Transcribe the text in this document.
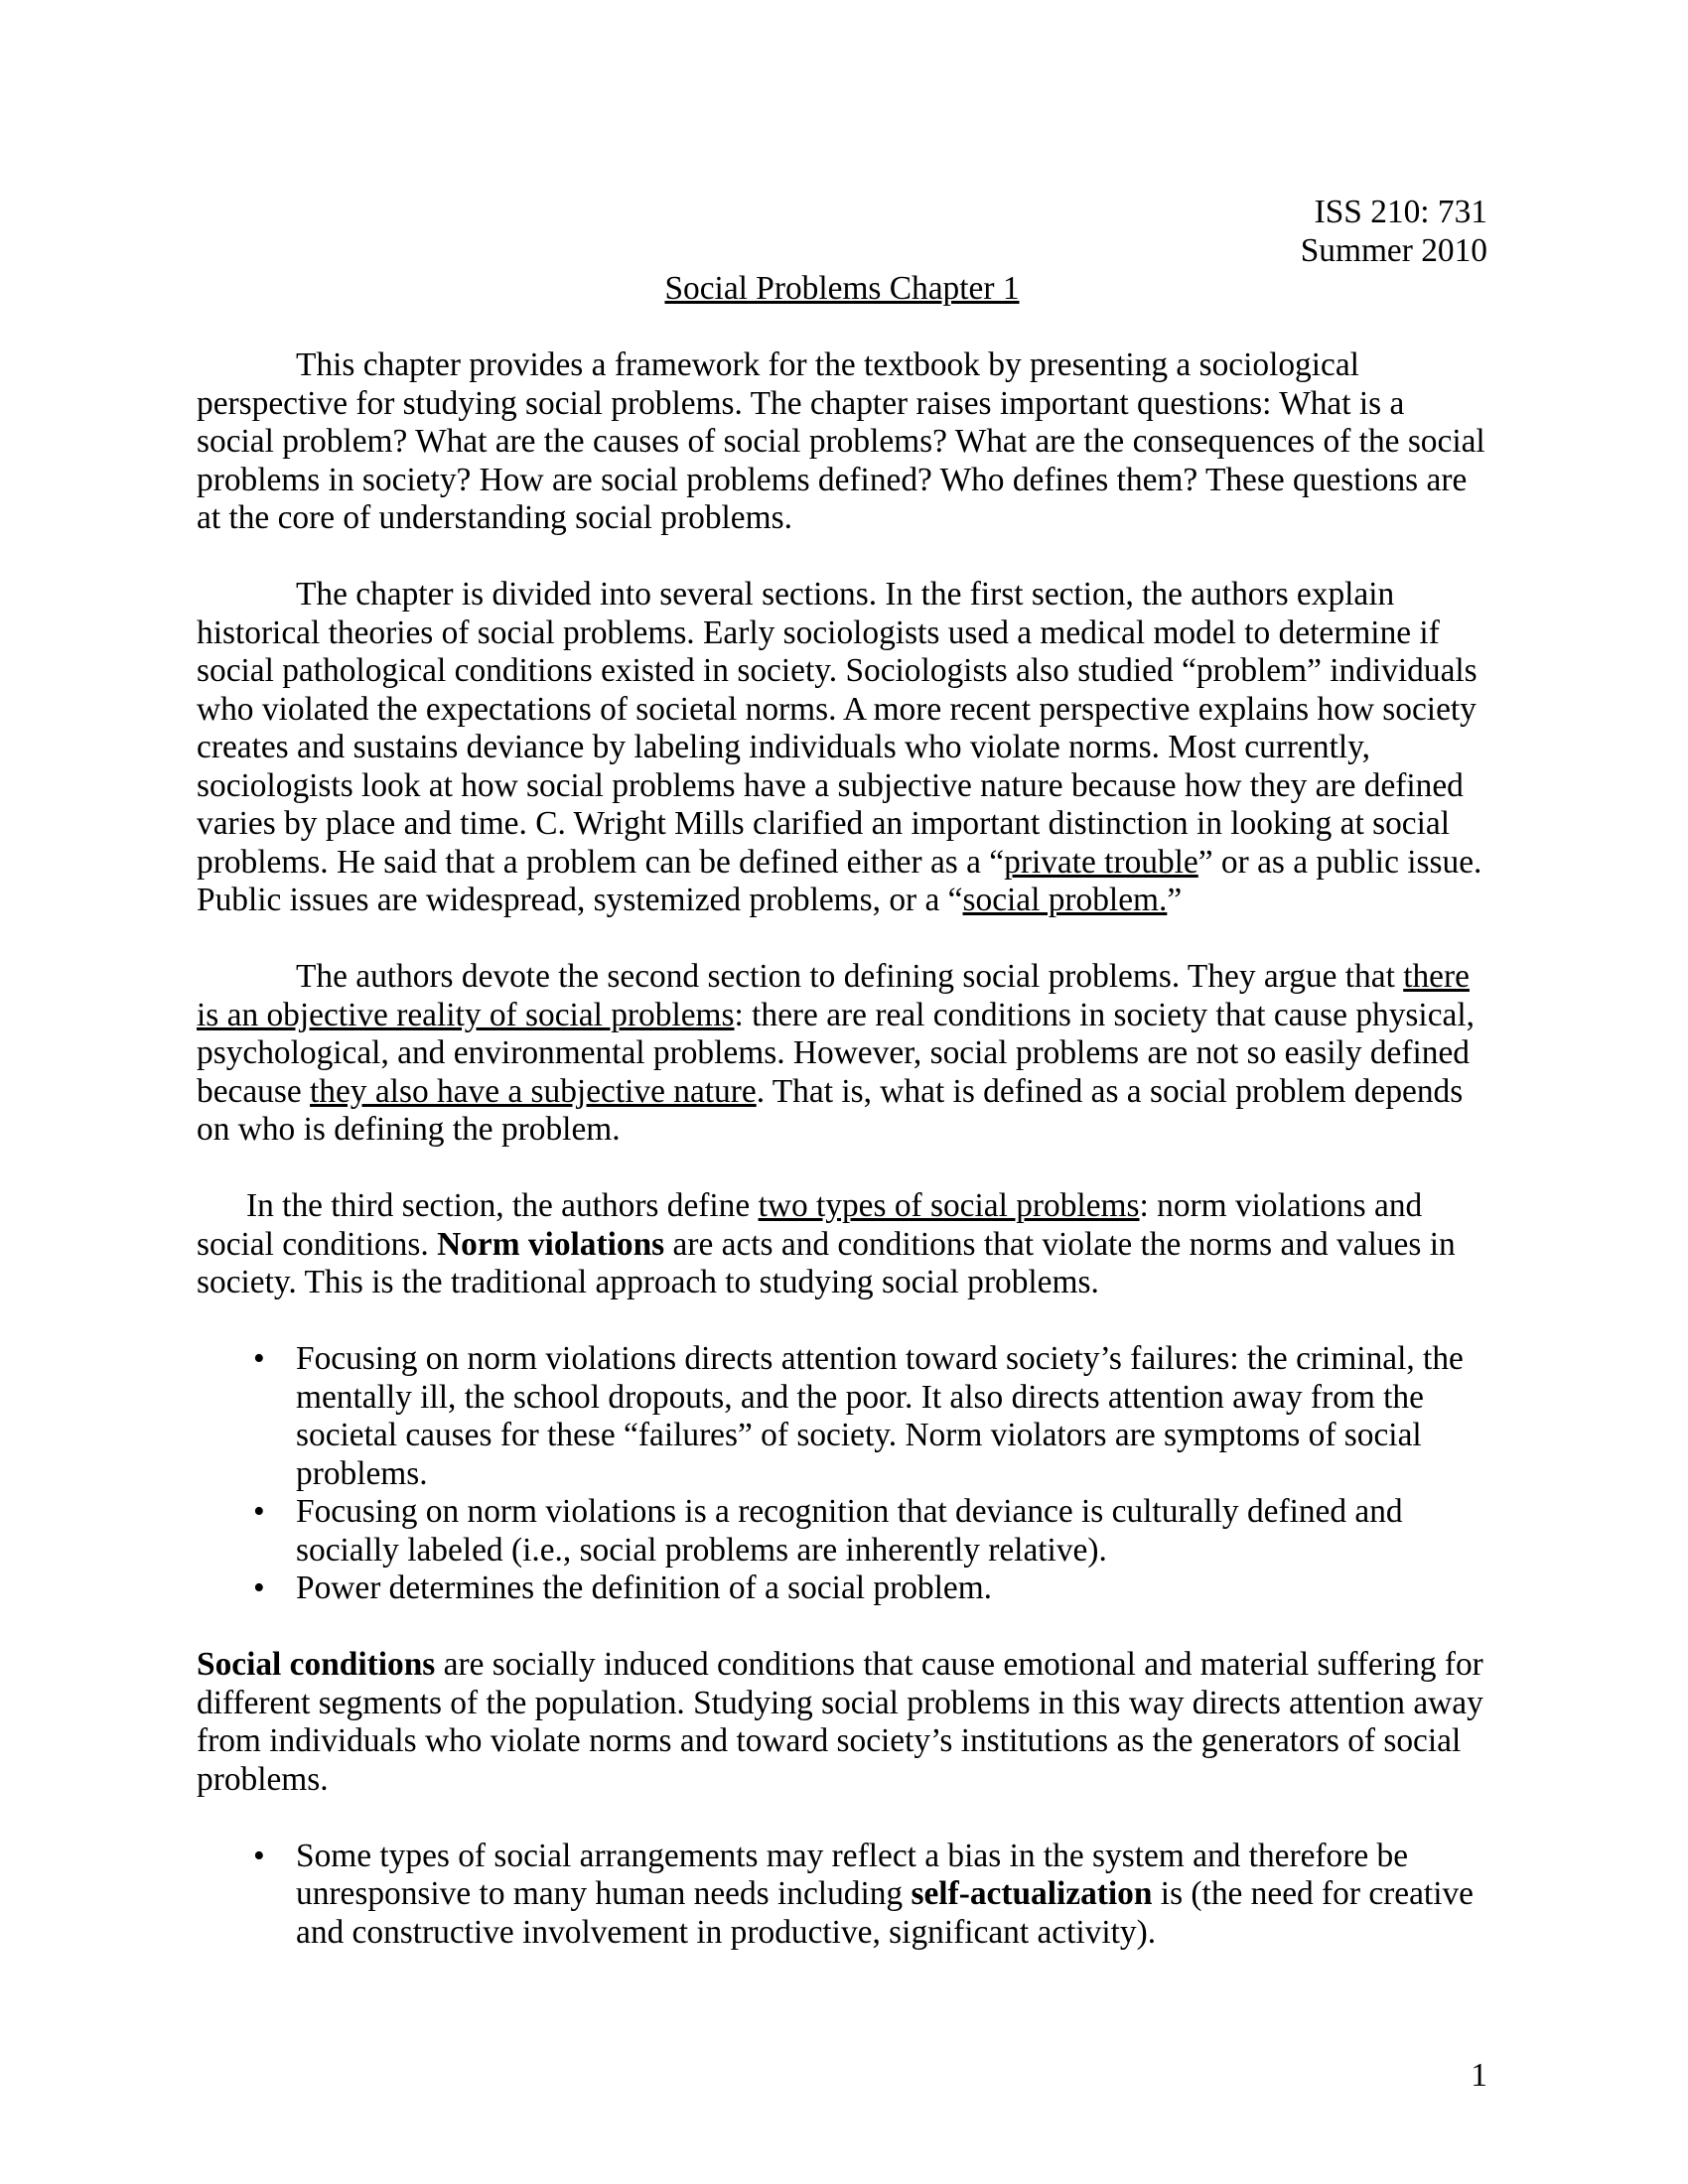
ISS 210: 731
Summer 2010
Social Problems Chapter 1

This chapter provides a framework for the textbook by presenting a sociological perspective for studying social problems. The chapter raises important questions: What is a social problem? What are the causes of social problems? What are the consequences of the social problems in society? How are social problems defined? Who defines them? These questions are at the core of understanding social problems.

The chapter is divided into several sections. In the first section, the authors explain historical theories of social problems. Early sociologists used a medical model to determine if social pathological conditions existed in society. Sociologists also studied “problem” individuals who violated the expectations of societal norms. A more recent perspective explains how society creates and sustains deviance by labeling individuals who violate norms. Most currently, sociologists look at how social problems have a subjective nature because how they are defined varies by place and time. C. Wright Mills clarified an important distinction in looking at social problems. He said that a problem can be defined either as a “private trouble” or as a public issue. Public issues are widespread, systemized problems, or a “social problem.”

The authors devote the second section to defining social problems. They argue that there is an objective reality of social problems: there are real conditions in society that cause physical, psychological, and environmental problems. However, social problems are not so easily defined because they also have a subjective nature. That is, what is defined as a social problem depends on who is defining the problem.

In the third section, the authors define two types of social problems: norm violations and social conditions. Norm violations are acts and conditions that violate the norms and values in society. This is the traditional approach to studying social problems.

• Focusing on norm violations directs attention toward society’s failures: the criminal, the mentally ill, the school dropouts, and the poor. It also directs attention away from the societal causes for these “failures” of society. Norm violators are symptoms of social problems.
• Focusing on norm violations is a recognition that deviance is culturally defined and socially labeled (i.e., social problems are inherently relative).
• Power determines the definition of a social problem.

Social conditions are socially induced conditions that cause emotional and material suffering for different segments of the population. Studying social problems in this way directs attention away from individuals who violate norms and toward society’s institutions as the generators of social problems.

• Some types of social arrangements may reflect a bias in the system and therefore be unresponsive to many human needs including self-actualization is (the need for creative and constructive involvement in productive, significant activity).
1
